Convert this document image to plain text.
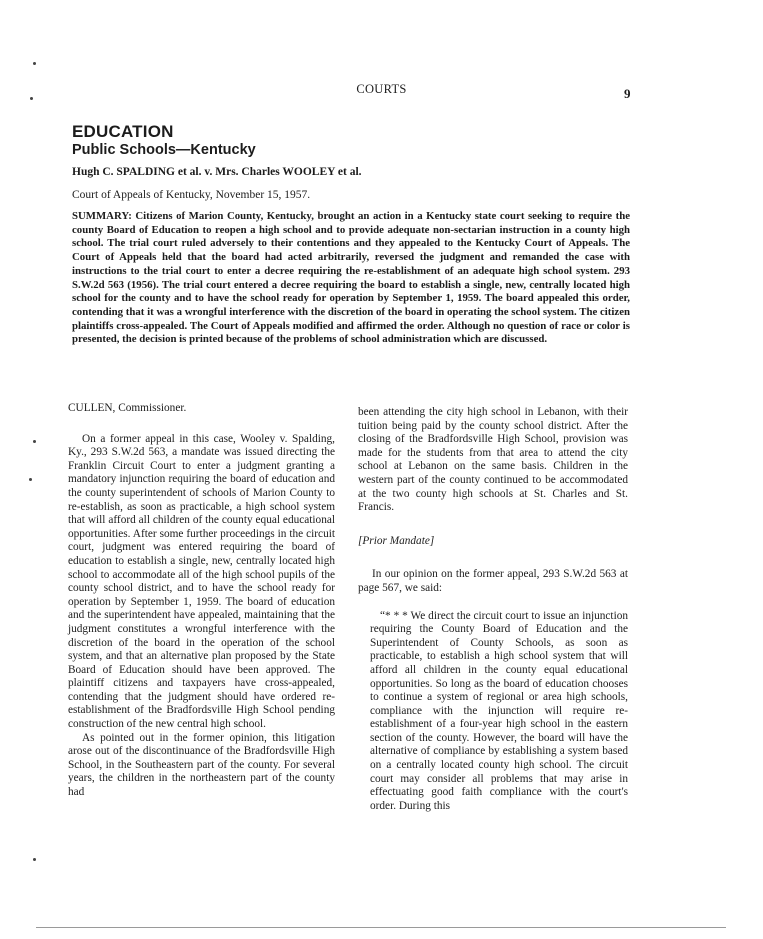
COURTS	9
EDUCATION
Public Schools—Kentucky
Hugh C. SPALDING et al. v. Mrs. Charles WOOLEY et al.
Court of Appeals of Kentucky, November 15, 1957.
SUMMARY: Citizens of Marion County, Kentucky, brought an action in a Kentucky state court seeking to require the county Board of Education to reopen a high school and to provide adequate non-sectarian instruction in a county high school. The trial court ruled adversely to their contentions and they appealed to the Kentucky Court of Appeals. The Court of Appeals held that the board had acted arbitrarily, reversed the judgment and remanded the case with instructions to the trial court to enter a decree requiring the re-establishment of an adequate high school system. 293 S.W.2d 563 (1956). The trial court entered a decree requiring the board to establish a single, new, centrally located high school for the county and to have the school ready for operation by September 1, 1959. The board appealed this order, contending that it was a wrongful interference with the discretion of the board in operating the school system. The citizen plaintiffs cross-appealed. The Court of Appeals modified and affirmed the order. Although no question of race or color is presented, the decision is printed because of the problems of school administration which are discussed.

CULLEN, Commissioner.

On a former appeal in this case, Wooley v. Spalding, Ky., 293 S.W.2d 563, a mandate was issued directing the Franklin Circuit Court to enter a judgment granting a mandatory injunction requiring the board of education and the county superintendent of schools of Marion County to re-establish, as soon as practicable, a high school system that will afford all children of the county equal educational opportunities. After some further proceedings in the circuit court, judgment was entered requiring the board of education to establish a single, new, centrally located high school to accommodate all of the high school pupils of the county school district, and to have the school ready for operation by September 1, 1959. The board of education and the superintendent have appealed, maintaining that the judgment constitutes a wrongful interference with the discretion of the board in the operation of the school system, and that an alternative plan proposed by the State Board of Education should have been approved. The plaintiff citizens and taxpayers have cross-appealed, contending that the judgment should have ordered re-establishment of the Bradfordsville High School pending construction of the new central high school.

As pointed out in the former opinion, this litigation arose out of the discontinuance of the Bradfordsville High School, in the Southeastern part of the county. For several years, the children in the northeastern part of the county had

been attending the city high school in Lebanon, with their tuition being paid by the county school district. After the closing of the Bradfordsville High School, provision was made for the students from that area to attend the city school at Lebanon on the same basis. Children in the western part of the county continued to be accommodated at the two county high schools at St. Charles and St. Francis.

[Prior Mandate]

In our opinion on the former appeal, 293 S.W.2d 563 at page 567, we said:

“* * * We direct the circuit court to issue an injunction requiring the County Board of Education and the Superintendent of County Schools, as soon as practicable, to establish a high school system that will afford all children in the county equal educational opportunities. So long as the board of education chooses to continue a system of regional or area high schools, compliance with the injunction will require re-establishment of a four-year high school in the eastern section of the county. However, the board will have the alternative of compliance by establishing a system based on a centrally located county high school. The circuit court may consider all problems that may arise in effectuating good faith compliance with the court's order. During this
